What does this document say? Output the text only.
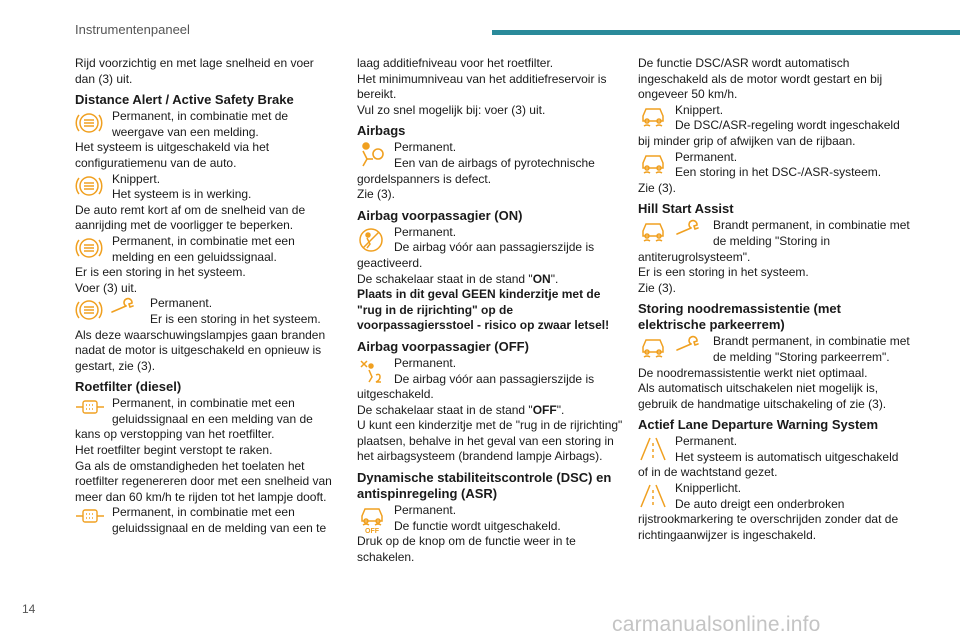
Instrumentenpaneel

Rijd voorzichtig en met lage snelheid en voer dan (3) uit.

Distance Alert / Active Safety Brake

Permanent, in combinatie met de weergave van een melding.

Het systeem is uitgeschakeld via het configuratiemenu van de auto.

Knippert.

Het systeem is in werking.

De auto remt kort af om de snelheid van de aanrijding met de voorligger te beperken.

Permanent, in combinatie met een melding en een geluidssignaal.

Er is een storing in het systeem.

Voer (3) uit.

Permanent.

Er is een storing in het systeem.

Als deze waarschuwingslampjes gaan branden nadat de motor is uitgeschakeld en opnieuw is gestart, zie (3).

Roetfilter (diesel)

Permanent, in combinatie met een geluidssignaal en een melding van de kans op verstopping van het roetfilter.

Het roetfilter begint verstopt te raken.

Ga als de omstandigheden het toelaten het roetfilter regenereren door met een snelheid van meer dan 60 km/h te rijden tot het lampje dooft.

Permanent, in combinatie met een geluidssignaal en de melding van een te

laag additiefniveau voor het roetfilter.

Het minimumniveau van het additiefreservoir is bereikt.

Vul zo snel mogelijk bij: voer (3) uit.

Airbags

Permanent.

Een van de airbags of pyrotechnische gordelspanners is defect.

Zie (3).

Airbag voorpassagier (ON)

Permanent.

De airbag vóór aan passagierszijde is geactiveerd.

De schakelaar staat in de stand "ON".

Plaats in dit geval GEEN kinderzitje met de "rug in de rijrichting" op de voorpassagiersstoel - risico op zwaar letsel!

Airbag voorpassagier (OFF)

Permanent.

De airbag vóór aan passagierszijde is uitgeschakeld.

De schakelaar staat in de stand "OFF".

U kunt een kinderzitje met de "rug in de rijrichting" plaatsen, behalve in het geval van een storing in het airbagsysteem (brandend lampje Airbags).

Dynamische stabiliteitscontrole (DSC) en antispinregeling (ASR)
OFF

Permanent.

De functie wordt uitgeschakeld.

Druk op de knop om de functie weer in te schakelen.

De functie DSC/ASR wordt automatisch ingeschakeld als de motor wordt gestart en bij ongeveer 50 km/h.

Knippert.

De DSC/ASR-regeling wordt ingeschakeld bij minder grip of afwijken van de rijbaan.

Permanent.

Een storing in het DSC-/ASR-systeem.

Zie (3).

Hill Start Assist

Brandt permanent, in combinatie met de melding "Storing in antiterugrolsysteem".

Er is een storing in het systeem.

Zie (3).

Storing noodremassistentie (met elektrische parkeerrem)

Brandt permanent, in combinatie met de melding "Storing parkeerrem".

De noodremassistentie werkt niet optimaal.

Als automatisch uitschakelen niet mogelijk is, gebruik de handmatige uitschakeling of zie (3).

Actief Lane Departure Warning System

Permanent.

Het systeem is automatisch uitgeschakeld of in de wachtstand gezet.

Knipperlicht.

De auto dreigt een onderbroken rijstrookmarkering te overschrijden zonder dat de richtingaanwijzer is ingeschakeld.

14
carmanualsonline.info
